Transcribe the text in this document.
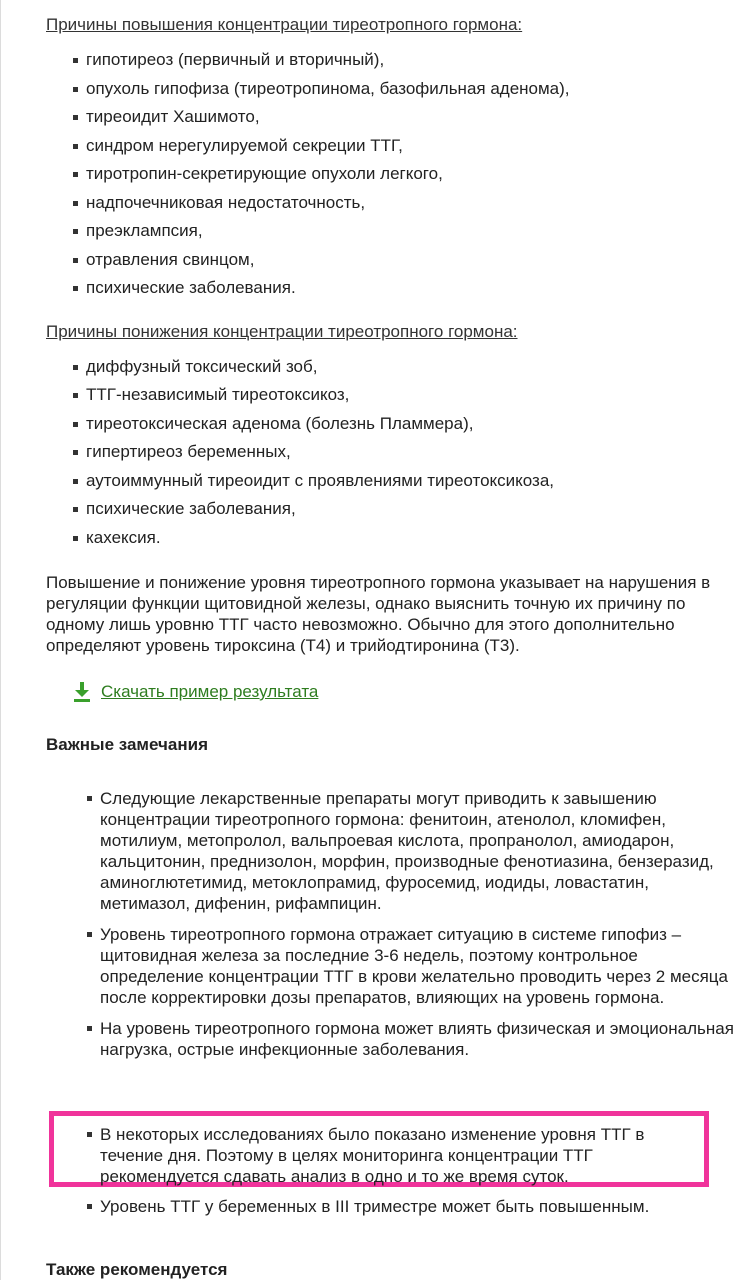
Причины повышения концентрации тиреотропного гормона:
гипотиреоз (первичный и вторичный),
опухоль гипофиза (тиреотропинома, базофильная аденома),
тиреоидит Хашимото,
синдром нерегулируемой секреции ТТГ,
тиротропин-секретирующие опухоли легкого,
надпочечниковая недостаточность,
преэклампсия,
отравления свинцом,
психические заболевания.
Причины понижения концентрации тиреотропного гормона:
диффузный токсический зоб,
ТТГ-независимый тиреотоксикоз,
тиреотоксическая аденома (болезнь Пламмера),
гипертиреоз беременных,
аутоиммунный тиреоидит с проявлениями тиреотоксикоза,
психические заболевания,
кахексия.

Повышение и понижение уровня тиреотропного гормона указывает на нарушения в регуляции функции щитовидной железы, однако выяснить точную их причину по одному лишь уровню ТТГ часто невозможно. Обычно для этого дополнительно определяют уровень тироксина (Т4) и трийодтиронина (Т3).

Скачать пример результата
Важные замечания
Следующие лекарственные препараты могут приводить к завышению концентрации тиреотропного гормона: фенитоин, атенолол, кломифен, мотилиум, метопролол, вальпроевая кислота, пропранолол, амиодарон, кальцитонин, преднизолон, морфин, производные фенотиазина, бензеразид, аминоглютетимид, метоклопрамид, фуросемид, иодиды, ловастатин, метимазол, дифенин, рифампицин.
Уровень тиреотропного гормона отражает ситуацию в системе гипофиз – щитовидная железа за последние 3-6 недель, поэтому контрольное определение концентрации ТТГ в крови желательно проводить через 2 месяца после корректировки дозы препаратов, влияющих на уровень гормона.
На уровень тиреотропного гормона может влиять физическая и эмоциональная нагрузка, острые инфекционные заболевания.
В некоторых исследованиях было показано изменение уровня ТТГ в течение дня. Поэтому в целях мониторинга концентрации ТТГ рекомендуется сдавать анализ в одно и то же время суток.
Уровень ТТГ у беременных в III триместре может быть повышенным.
Также рекомендуется
